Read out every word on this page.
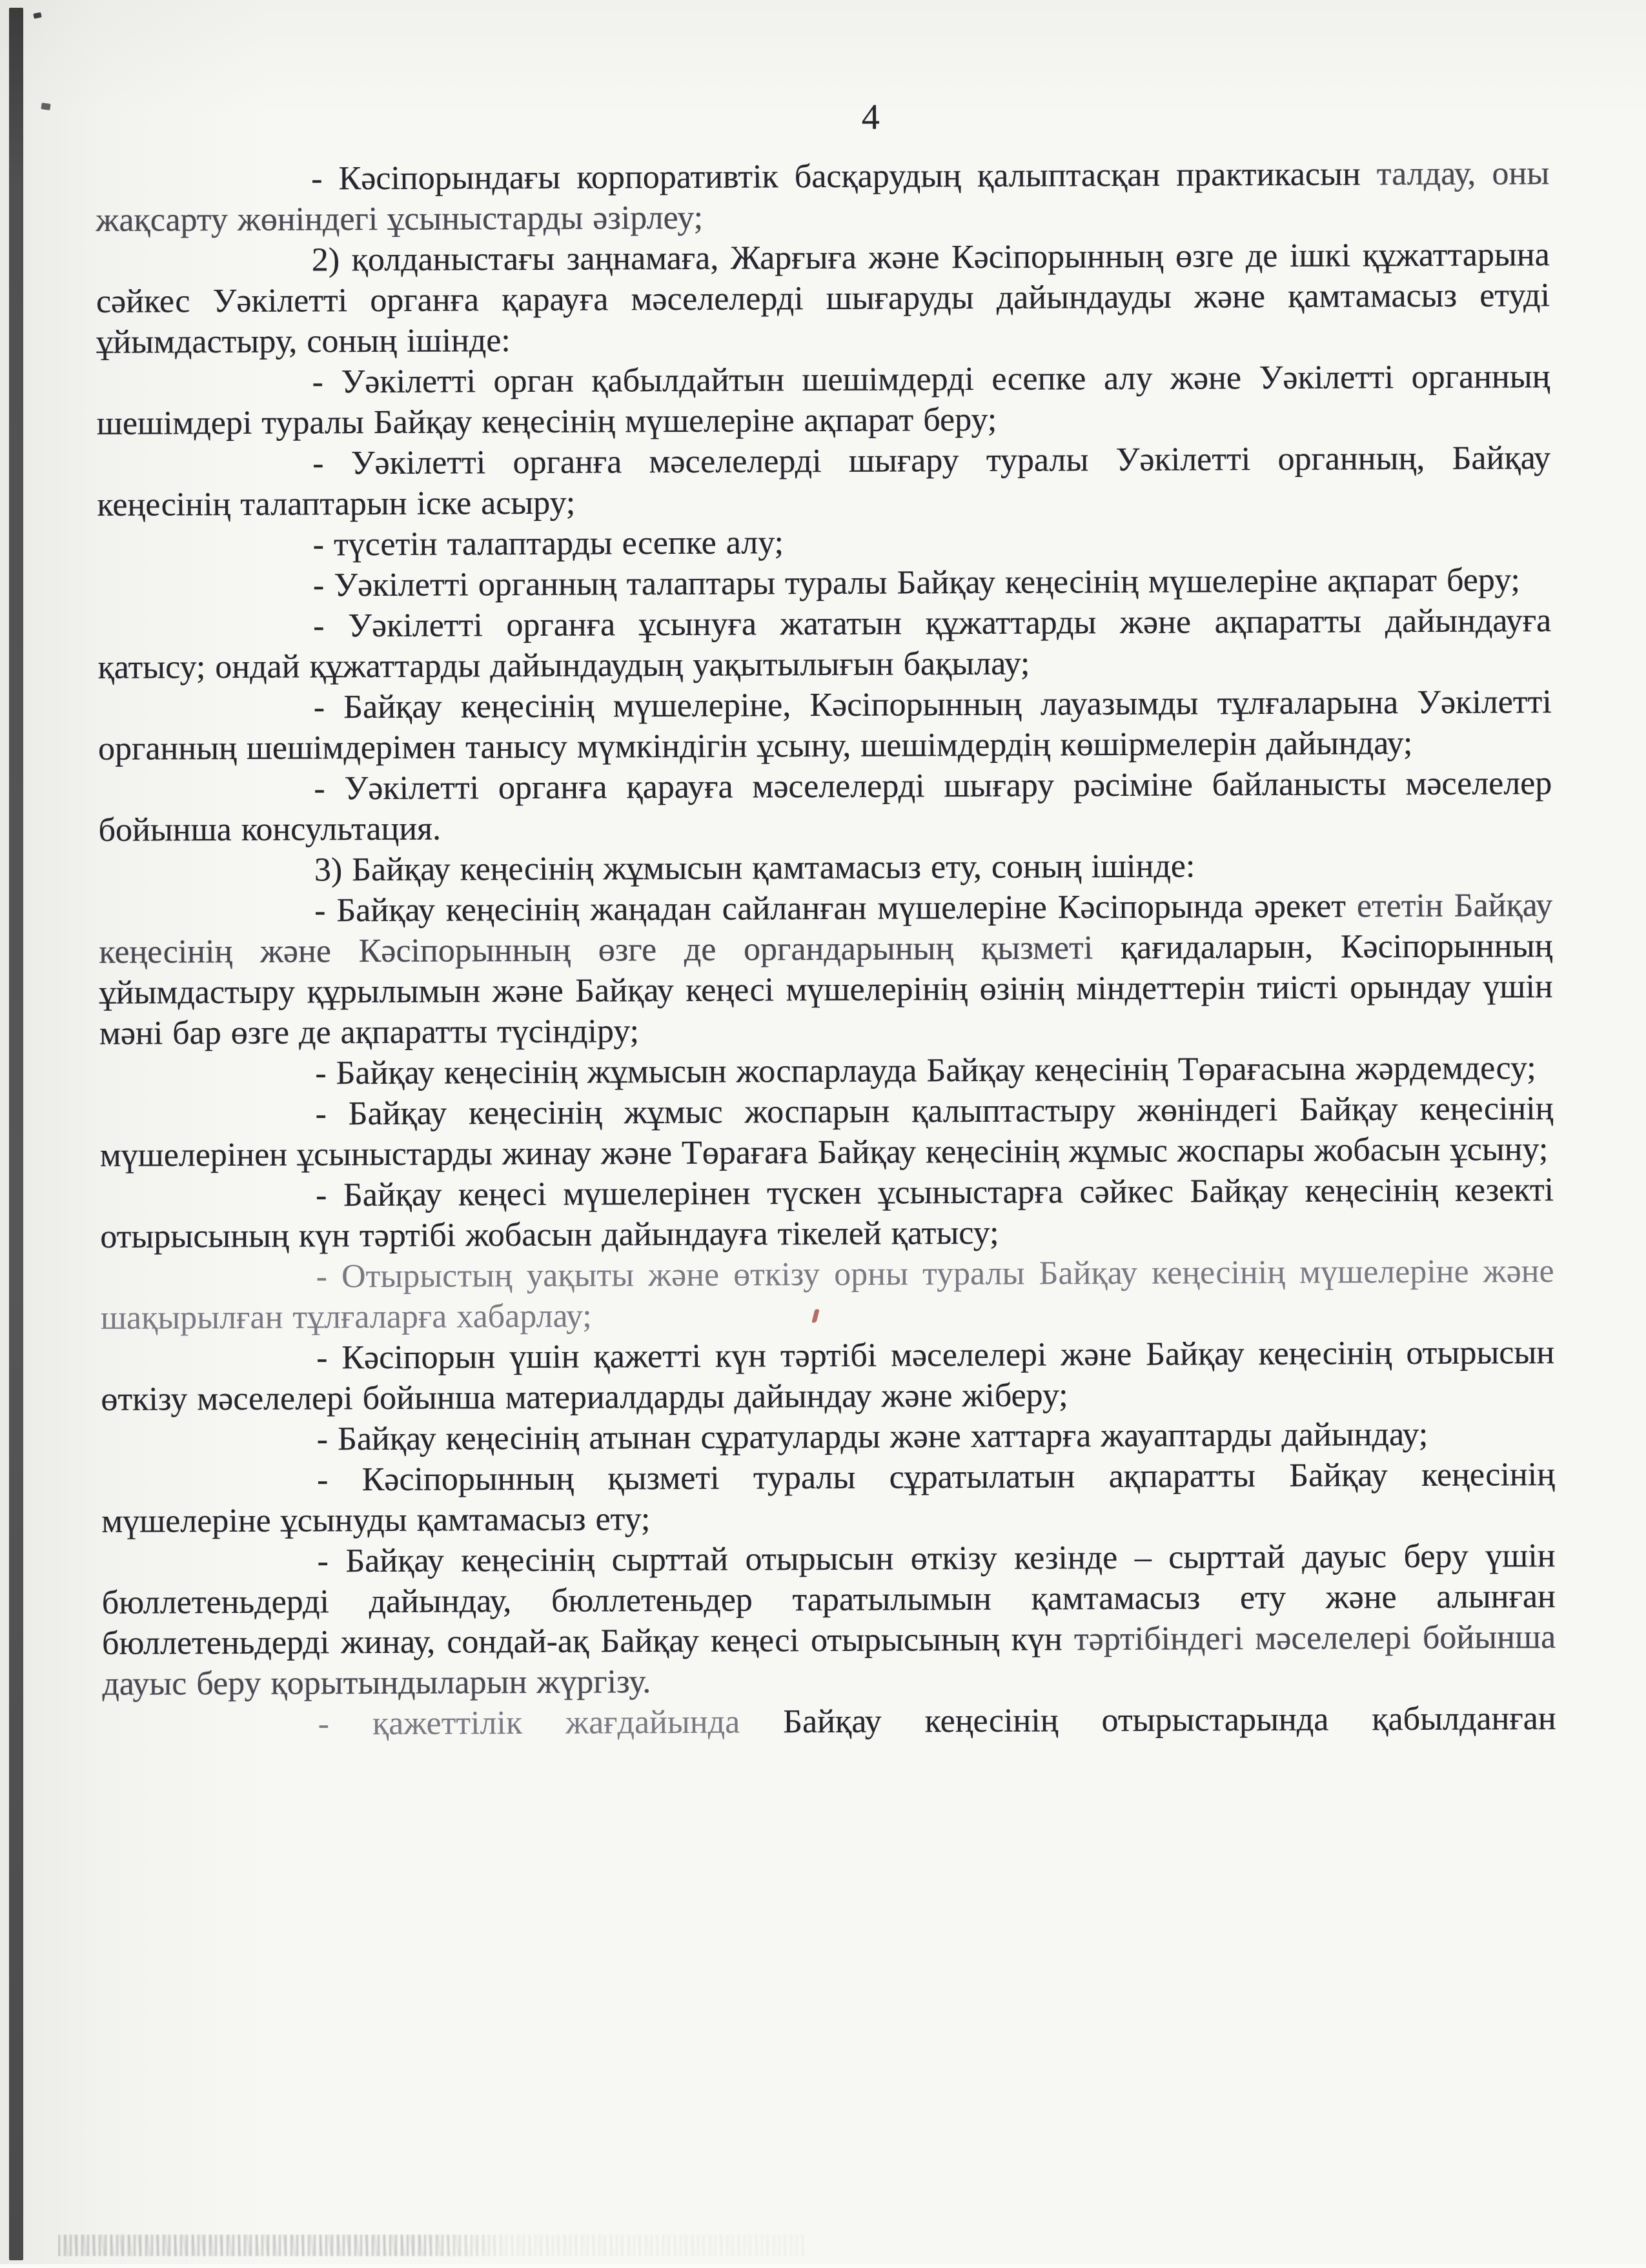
4

- Кәсіпорындағы корпоративтік басқарудың қалыптасқан практикасын талдау, оны жақсарту жөніндегі ұсыныстарды әзірлеу;

2) қолданыстағы заңнамаға, Жарғыға және Кәсіпорынның өзге де ішкі құжаттарына сәйкес Уәкілетті органға қарауға мәселелерді шығаруды дайындауды және қамтамасыз етуді ұйымдастыру, соның ішінде:

- Уәкілетті орган қабылдайтын шешімдерді есепке алу және Уәкілетті органның шешімдері туралы Байқау кеңесінің мүшелеріне ақпарат беру;

- Уәкілетті органға мәселелерді шығару туралы Уәкілетті органның, Байқау кеңесінің талаптарын іске асыру;

- түсетін талаптарды есепке алу;

- Уәкілетті органның талаптары туралы Байқау кеңесінің мүшелеріне ақпарат беру;

- Уәкілетті органға ұсынуға жататын құжаттарды және ақпаратты дайындауға қатысу; ондай құжаттарды дайындаудың уақытылығын бақылау;

- Байқау кеңесінің мүшелеріне, Кәсіпорынның лауазымды тұлғаларына Уәкілетті органның шешімдерімен танысу мүмкіндігін ұсыну, шешімдердің көшірмелерін дайындау;

- Уәкілетті органға қарауға мәселелерді шығару рәсіміне байланысты мәселелер бойынша консультация.

3) Байқау кеңесінің жұмысын қамтамасыз ету, соның ішінде:

- Байқау кеңесінің жаңадан сайланған мүшелеріне Кәсіпорында әрекет ететін Байқау кеңесінің және Кәсіпорынның өзге де органдарының қызметі қағидаларын, Кәсіпорынның ұйымдастыру құрылымын және Байқау кеңесі мүшелерінің өзінің міндеттерін тиісті орындау үшін мәні бар өзге де ақпаратты түсіндіру;

- Байқау кеңесінің жұмысын жоспарлауда Байқау кеңесінің Төрағасына жәрдемдесу;

- Байқау кеңесінің жұмыс жоспарын қалыптастыру жөніндегі Байқау кеңесінің мүшелерінен ұсыныстарды жинау және Төрағаға Байқау кеңесінің жұмыс жоспары жобасын ұсыну;

- Байқау кеңесі мүшелерінен түскен ұсыныстарға сәйкес Байқау кеңесінің кезекті отырысының күн тәртібі жобасын дайындауға тікелей қатысу;

- Отырыстың уақыты және өткізу орны туралы Байқау кеңесінің мүшелеріне және шақырылған тұлғаларға хабарлау;

- Кәсіпорын үшін қажетті күн тәртібі мәселелері және Байқау кеңесінің отырысын өткізу мәселелері бойынша материалдарды дайындау және жіберу;

- Байқау кеңесінің атынан сұратуларды және хаттарға жауаптарды дайындау;

- Кәсіпорынның қызметі туралы сұратылатын ақпаратты Байқау кеңесінің мүшелеріне ұсынуды қамтамасыз ету;

- Байқау кеңесінің сырттай отырысын өткізу кезінде – сырттай дауыс беру үшін бюллетеньдерді дайындау, бюллетеньдер таратылымын қамтамасыз ету және алынған бюллетеньдерді жинау, сондай-ақ Байқау кеңесі отырысының күн тәртібіндегі мәселелері бойынша дауыс беру қорытындыларын жүргізу.

- қажеттілік жағдайында Байқау кеңесінің отырыстарында қабылданған
